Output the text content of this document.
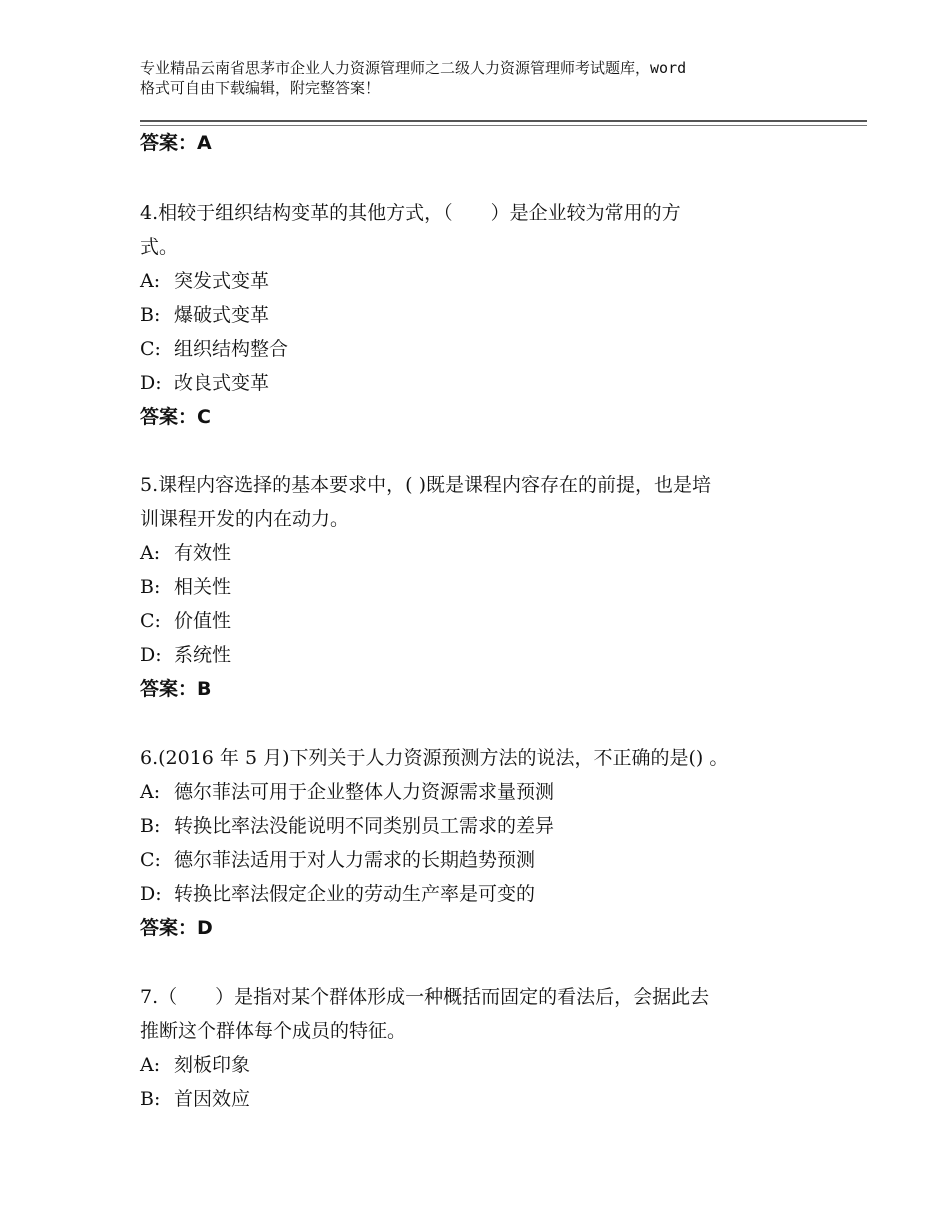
专业精品云南省思茅市企业人力资源管理师之二级人力资源管理师考试题库，word
格式可自由下载编辑，附完整答案！
答案：A
4.相较于组织结构变革的其他方式，（　　）是企业较为常用的方
式。
A: 突发式变革
B: 爆破式变革
C: 组织结构整合
D: 改良式变革
答案：C
5.课程内容选择的基本要求中，( )既是课程内容存在的前提，也是培
训课程开发的内在动力。
A: 有效性
B: 相关性
C: 价值性
D: 系统性
答案：B
6.(2016 年 5 月)下列关于人力资源预测方法的说法，不正确的是() 。
A: 德尔菲法可用于企业整体人力资源需求量预测
B: 转换比率法没能说明不同类别员工需求的差异
C: 德尔菲法适用于对人力需求的长期趋势预测
D: 转换比率法假定企业的劳动生产率是可变的
答案：D
7.（　　）是指对某个群体形成一种概括而固定的看法后，会据此去
推断这个群体每个成员的特征。
A: 刻板印象
B: 首因效应
